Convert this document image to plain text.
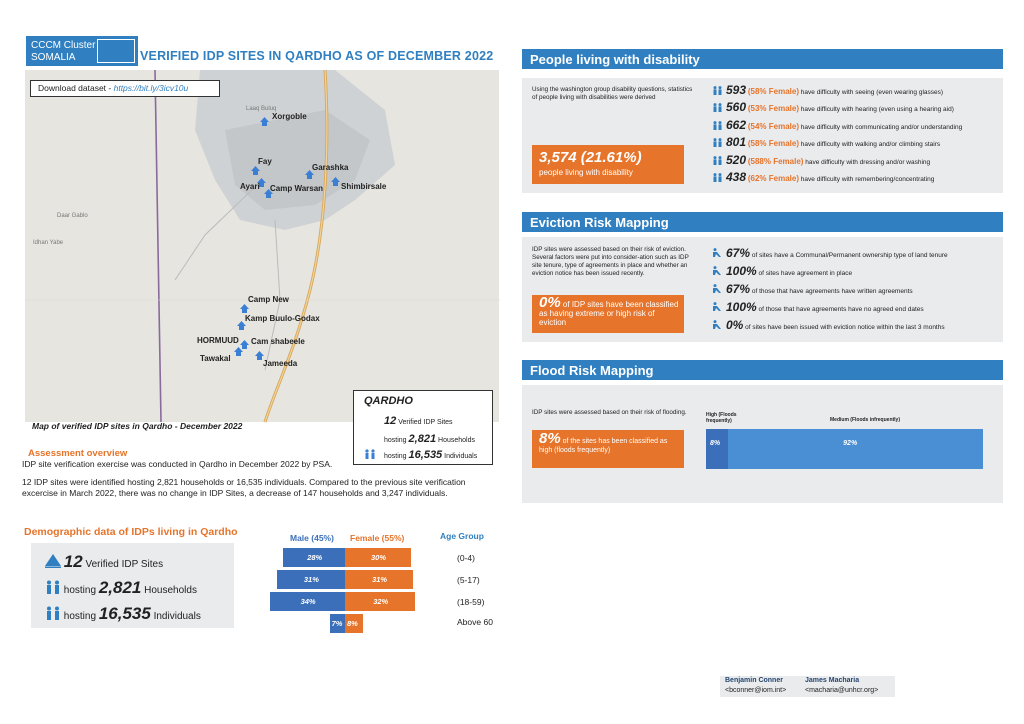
CCCM Cluster
SOMALIA	VERIFIED IDP SITES IN QARDHO AS OF DECEMBER 2022
Laaq Buluq
Daar Gablo
Idhan Yabe
Xorgoble
Fay
Garashka
Ayari Camp Warsan Shimbirsale
Camp New
Kamp Buulo-Godax
HORMUUD Cam shabeele
Tawakal
Jameeda
QARDHO
12 Verified IDP Sites
hosting 2,821 Households
hosting 16,535 Individuals
Download dataset - https://bit.ly/3icv10u
Map of verified IDP sites in Qardho - December 2022
Assessment overview
IDP site verification exercise was conducted in Qardho in December 2022 by PSA.
12 IDP sites were identified hosting 2,821 households or 16,535 individuals. Compared to the previous site verification excercise in March 2022, there was no change in IDP Sites, a decrease of 147 households and 3,247 individuals.
Demographic data of IDPs living in Qardho
12 Verified IDP Sites
hosting 2,821 Households
hosting 16,535 Individuals
Male (45%) Female (55%)	Age Group
28%	30%	(0-4)
31%	31%	(5-17)
34%	32%	(18-59)
7% 8%	Above 60
People living with disability
Using the washington group disability questions, statistics of people living with disabilities were derived
3,574 (21.61%)
people living with disability
593 (58% Female) have difficulty with seeing (even wearing glasses)
560 (53% Female) have difficulty with hearing (even using a hearing aid)
662 (54% Female) have difficulty with communicating and/or understanding
801 (58% Female) have difficulty with walking and/or climbing stairs
520 (588% Female) have difficulty with dressing and/or washing
438 (62% Female) have difficulty with remembering/concentrating
Eviction Risk Mapping
IDP sites were assessed based on their risk of eviction. Several factors were put into consider-ation such as IDP site tenure, type of agreements in place and whether an eviction notice has been issued recently.
0% of IDP sites have been classified as having extreme or high risk of eviction
67% of sites have a Communal/Permanent ownership type of land tenure
100% of sites have agreement in place
67% of those that have agreements have written agreements
100% of those that have agreements have no agreed end dates
0% of sites have been issued with eviction notice within the last 3 months
Flood Risk Mapping
IDP sites were assessed based on their risk of flooding.
8% of the sites has been classified as high (floods frequently)
High (Floods frequently)	Medium (Floods infrequently)
8%	92%
Benjamin Conner
<bconner@iom.int>
James Macharia
<macharia@unhcr.org>
